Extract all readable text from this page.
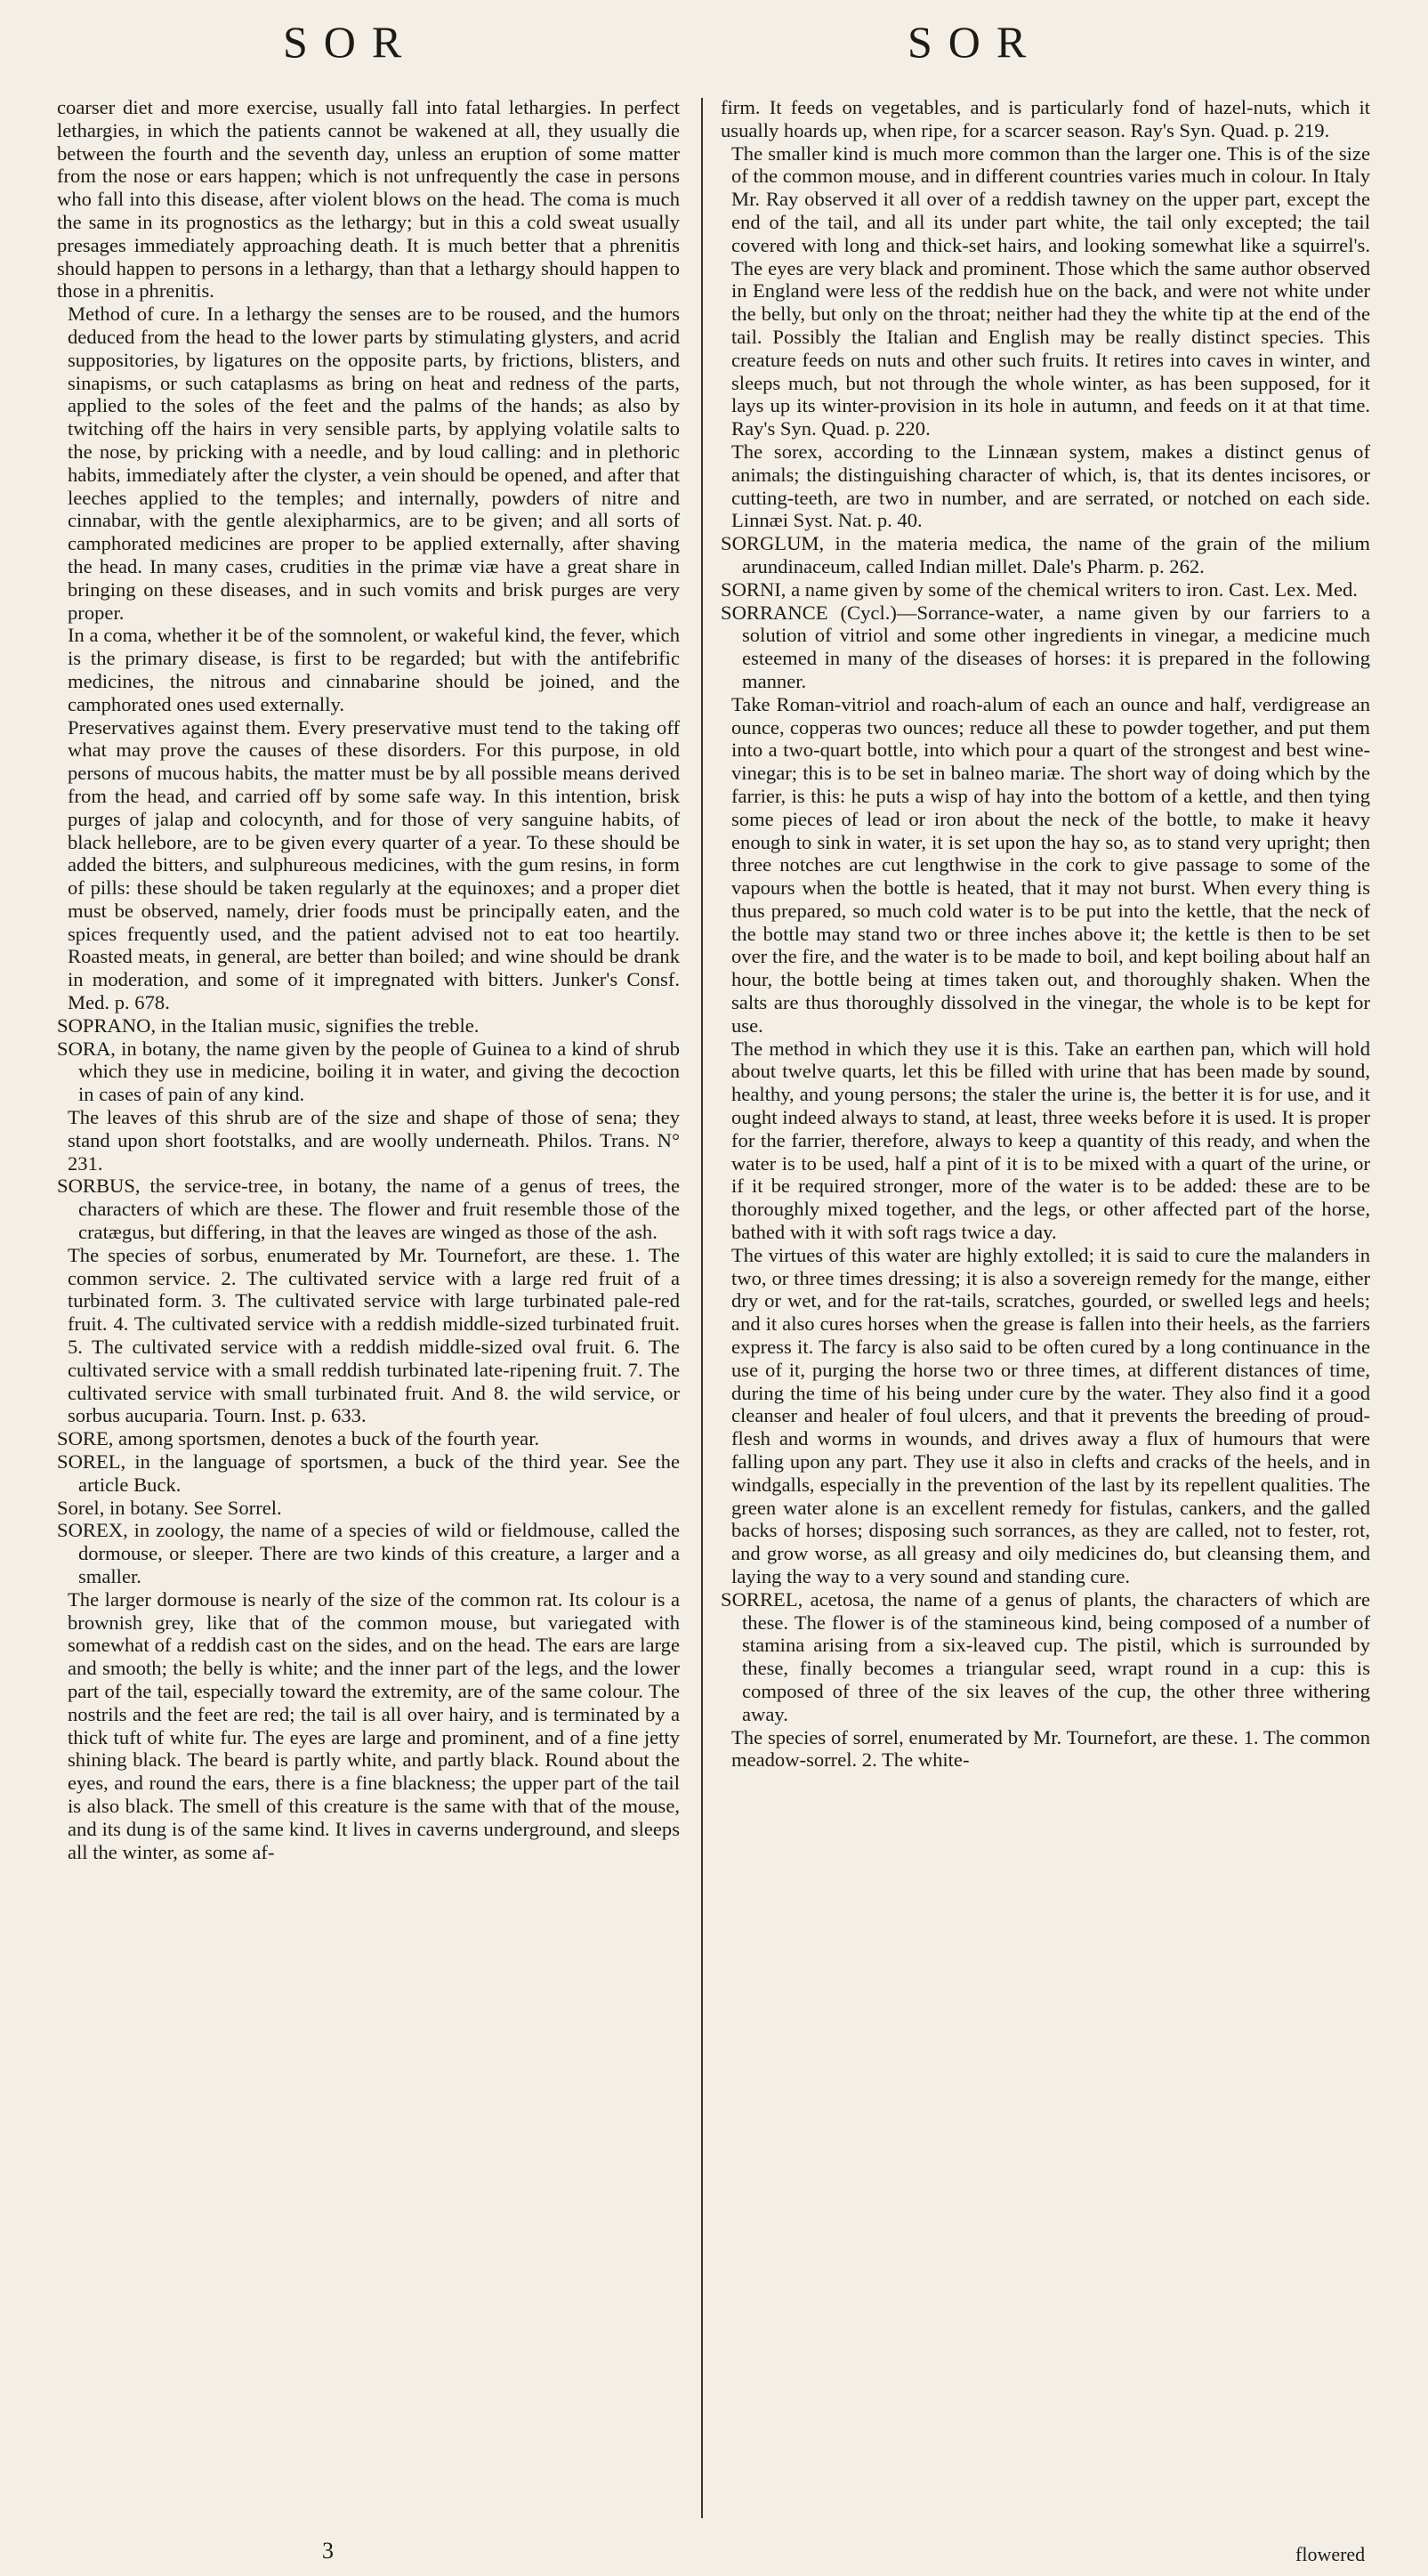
SOR	SOR

coarser diet and more exercise, usually fall into fatal lethargies. In perfect lethargies, in which the patients cannot be wakened at all, they usually die between the fourth and the seventh day, unless an eruption of some matter from the nose or ears happen; which is not unfrequently the case in persons who fall into this disease, after violent blows on the head. The coma is much the same in its prognostics as the lethargy; but in this a cold sweat usually presages immediately approaching death. It is much better that a phrenitis should happen to persons in a lethargy, than that a lethargy should happen to those in a phrenitis.

Method of cure. In a lethargy the senses are to be roused, and the humors deduced from the head to the lower parts by stimulating glysters, and acrid suppositories, by ligatures on the opposite parts, by frictions, blisters, and sinapisms, or such cataplasms as bring on heat and redness of the parts, applied to the soles of the feet and the palms of the hands; as also by twitching off the hairs in very sensible parts, by applying volatile salts to the nose, by pricking with a needle, and by loud calling: and in plethoric habits, immediately after the clyster, a vein should be opened, and after that leeches applied to the temples; and internally, powders of nitre and cinnabar, with the gentle alexipharmics, are to be given; and all sorts of camphorated medicines are proper to be applied externally, after shaving the head. In many cases, crudities in the primæ viæ have a great share in bringing on these diseases, and in such vomits and brisk purges are very proper.

In a coma, whether it be of the somnolent, or wakeful kind, the fever, which is the primary disease, is first to be regarded; but with the antifebrific medicines, the nitrous and cinnabarine should be joined, and the camphorated ones used externally.

Preservatives against them. Every preservative must tend to the taking off what may prove the causes of these disorders. For this purpose, in old persons of mucous habits, the matter must be by all possible means derived from the head, and carried off by some safe way. In this intention, brisk purges of jalap and colocynth, and for those of very sanguine habits, of black hellebore, are to be given every quarter of a year. To these should be added the bitters, and sulphureous medicines, with the gum resins, in form of pills: these should be taken regularly at the equinoxes; and a proper diet must be observed, namely, drier foods must be principally eaten, and the spices frequently used, and the patient advised not to eat too heartily. Roasted meats, in general, are better than boiled; and wine should be drank in moderation, and some of it impregnated with bitters. Junker's Consf. Med. p. 678.

SOPRANO, in the Italian music, signifies the treble.

SORA, in botany, the name given by the people of Guinea to a kind of shrub which they use in medicine, boiling it in water, and giving the decoction in cases of pain of any kind.

The leaves of this shrub are of the size and shape of those of sena; they stand upon short footstalks, and are woolly underneath. Philos. Trans. N° 231.

SORBUS, the service-tree, in botany, the name of a genus of trees, the characters of which are these. The flower and fruit resemble those of the cratægus, but differing, in that the leaves are winged as those of the ash.

The species of sorbus, enumerated by Mr. Tournefort, are these. 1. The common service. 2. The cultivated service with a large red fruit of a turbinated form. 3. The cultivated service with large turbinated pale-red fruit. 4. The cultivated service with a reddish middle-sized turbinated fruit. 5. The cultivated service with a reddish middle-sized oval fruit. 6. The cultivated service with a small reddish turbinated late-ripening fruit. 7. The cultivated service with small turbinated fruit. And 8. the wild service, or sorbus aucuparia. Tourn. Inst. p. 633.

SORE, among sportsmen, denotes a buck of the fourth year.

SOREL, in the language of sportsmen, a buck of the third year. See the article Buck.

Sorel, in botany. See Sorrel.

SOREX, in zoology, the name of a species of wild or fieldmouse, called the dormouse, or sleeper. There are two kinds of this creature, a larger and a smaller.

The larger dormouse is nearly of the size of the common rat. Its colour is a brownish grey, like that of the common mouse, but variegated with somewhat of a reddish cast on the sides, and on the head. The ears are large and smooth; the belly is white; and the inner part of the legs, and the lower part of the tail, especially toward the extremity, are of the same colour. The nostrils and the feet are red; the tail is all over hairy, and is terminated by a thick tuft of white fur. The eyes are large and prominent, and of a fine jetty shining black. The beard is partly white, and partly black. Round about the eyes, and round the ears, there is a fine blackness; the upper part of the tail is also black. The smell of this creature is the same with that of the mouse, and its dung is of the same kind. It lives in caverns underground, and sleeps all the winter, as some af-

firm. It feeds on vegetables, and is particularly fond of hazel-nuts, which it usually hoards up, when ripe, for a scarcer season. Ray's Syn. Quad. p. 219.

The smaller kind is much more common than the larger one. This is of the size of the common mouse, and in different countries varies much in colour. In Italy Mr. Ray observed it all over of a reddish tawney on the upper part, except the end of the tail, and all its under part white, the tail only excepted; the tail covered with long and thick-set hairs, and looking somewhat like a squirrel's. The eyes are very black and prominent. Those which the same author observed in England were less of the reddish hue on the back, and were not white under the belly, but only on the throat; neither had they the white tip at the end of the tail. Possibly the Italian and English may be really distinct species. This creature feeds on nuts and other such fruits. It retires into caves in winter, and sleeps much, but not through the whole winter, as has been supposed, for it lays up its winter-provision in its hole in autumn, and feeds on it at that time. Ray's Syn. Quad. p. 220.

The sorex, according to the Linnæan system, makes a distinct genus of animals; the distinguishing character of which, is, that its dentes incisores, or cutting-teeth, are two in number, and are serrated, or notched on each side. Linnæi Syst. Nat. p. 40.

SORGLUM, in the materia medica, the name of the grain of the milium arundinaceum, called Indian millet. Dale's Pharm. p. 262.

SORNI, a name given by some of the chemical writers to iron. Cast. Lex. Med.

SORRANCE (Cycl.)—Sorrance-water, a name given by our farriers to a solution of vitriol and some other ingredients in vinegar, a medicine much esteemed in many of the diseases of horses: it is prepared in the following manner.

Take Roman-vitriol and roach-alum of each an ounce and half, verdigrease an ounce, copperas two ounces; reduce all these to powder together, and put them into a two-quart bottle, into which pour a quart of the strongest and best wine-vinegar; this is to be set in balneo mariæ. The short way of doing which by the farrier, is this: he puts a wisp of hay into the bottom of a kettle, and then tying some pieces of lead or iron about the neck of the bottle, to make it heavy enough to sink in water, it is set upon the hay so, as to stand very upright; then three notches are cut lengthwise in the cork to give passage to some of the vapours when the bottle is heated, that it may not burst. When every thing is thus prepared, so much cold water is to be put into the kettle, that the neck of the bottle may stand two or three inches above it; the kettle is then to be set over the fire, and the water is to be made to boil, and kept boiling about half an hour, the bottle being at times taken out, and thoroughly shaken. When the salts are thus thoroughly dissolved in the vinegar, the whole is to be kept for use.

The method in which they use it is this. Take an earthen pan, which will hold about twelve quarts, let this be filled with urine that has been made by sound, healthy, and young persons; the staler the urine is, the better it is for use, and it ought indeed always to stand, at least, three weeks before it is used. It is proper for the farrier, therefore, always to keep a quantity of this ready, and when the water is to be used, half a pint of it is to be mixed with a quart of the urine, or if it be required stronger, more of the water is to be added: these are to be thoroughly mixed together, and the legs, or other affected part of the horse, bathed with it with soft rags twice a day.

The virtues of this water are highly extolled; it is said to cure the malanders in two, or three times dressing; it is also a sovereign remedy for the mange, either dry or wet, and for the rat-tails, scratches, gourded, or swelled legs and heels; and it also cures horses when the grease is fallen into their heels, as the farriers express it. The farcy is also said to be often cured by a long continuance in the use of it, purging the horse two or three times, at different distances of time, during the time of his being under cure by the water. They also find it a good cleanser and healer of foul ulcers, and that it prevents the breeding of proud-flesh and worms in wounds, and drives away a flux of humours that were falling upon any part. They use it also in clefts and cracks of the heels, and in windgalls, especially in the prevention of the last by its repellent qualities. The green water alone is an excellent remedy for fistulas, cankers, and the galled backs of horses; disposing such sorrances, as they are called, not to fester, rot, and grow worse, as all greasy and oily medicines do, but cleansing them, and laying the way to a very sound and standing cure.

SORREL, acetosa, the name of a genus of plants, the characters of which are these. The flower is of the stamineous kind, being composed of a number of stamina arising from a six-leaved cup. The pistil, which is surrounded by these, finally becomes a triangular seed, wrapt round in a cup: this is composed of three of the six leaves of the cup, the other three withering away.

The species of sorrel, enumerated by Mr. Tournefort, are these. 1. The common meadow-sorrel. 2. The white-

3	flowered
